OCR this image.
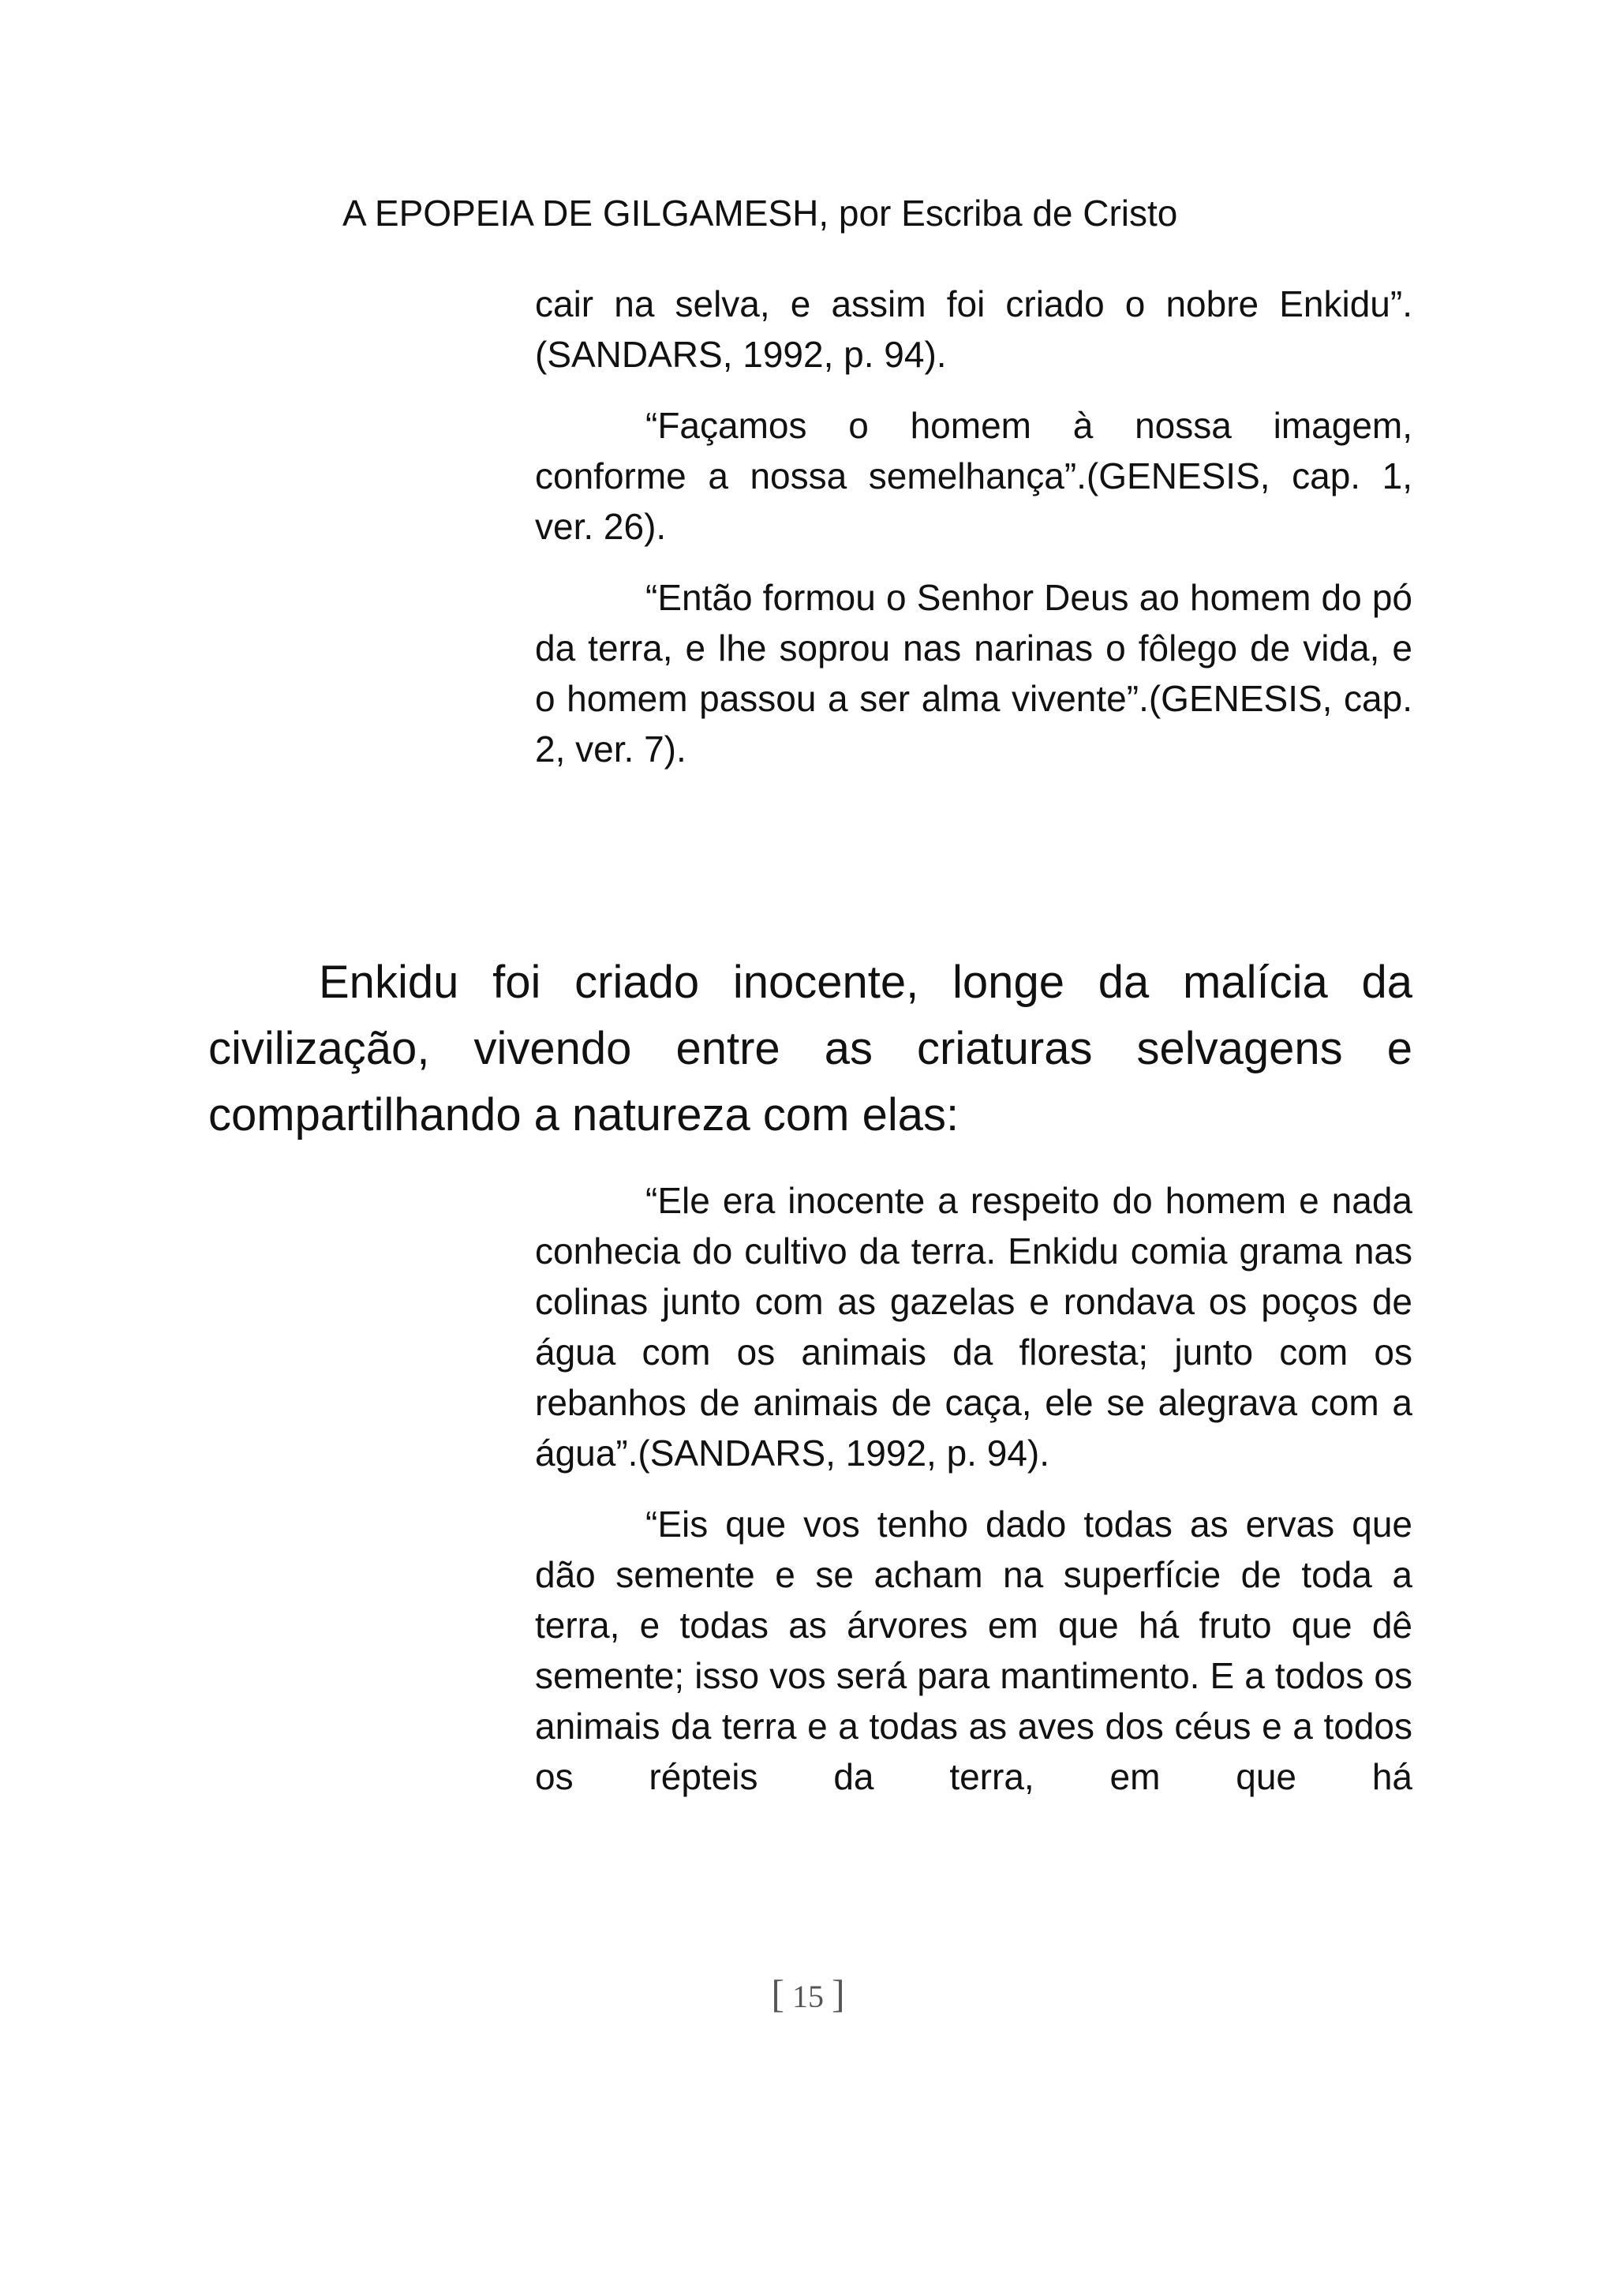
A EPOPEIA DE GILGAMESH, por Escriba de Cristo

cair na selva, e assim foi criado o nobre Enkidu”.(SANDARS, 1992, p. 94).

“Façamos o homem à nossa imagem, conforme a nossa semelhança”.(GENESIS, cap. 1, ver. 26).

“Então formou o Senhor Deus ao homem do pó da terra, e lhe soprou nas narinas o fôlego de vida, e o homem passou a ser alma vivente”.(GENESIS, cap. 2, ver. 7).

Enkidu foi criado inocente, longe da malícia da civilização, vivendo entre as criaturas selvagens e compartilhando a natureza com elas:

“Ele era inocente a respeito do homem e nada conhecia do cultivo da terra. Enkidu comia grama nas colinas junto com as gazelas e rondava os poços de água com os animais da floresta; junto com os rebanhos de animais de caça, ele se alegrava com a água”.(SANDARS, 1992, p. 94).

“Eis que vos tenho dado todas as ervas que dão semente e se acham na superfície de toda a terra, e todas as árvores em que há fruto que dê semente; isso vos será para mantimento. E a todos os animais da terra e a todas as aves dos céus e a todos os répteis da terra, em que há

[ 15 ]
